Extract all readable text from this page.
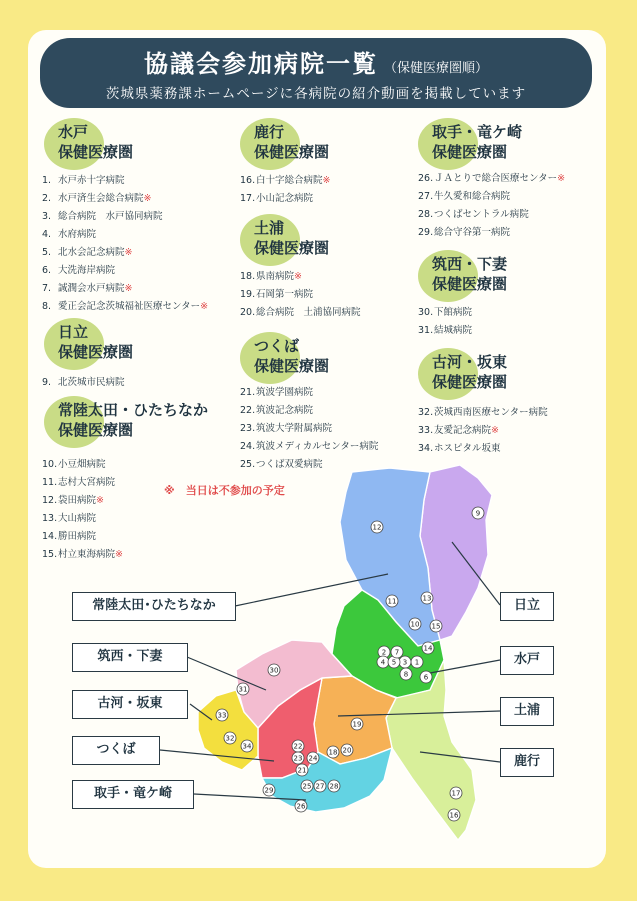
協議会参加病院一覧 （保健医療圏順）
茨城県薬務課ホームページに各病院の紹介動画を掲載しています
水戸
保健医療圏
日立
保健医療圏
常陸太田・ひたちなか
保健医療圏
鹿行
保健医療圏
土浦
保健医療圏
つくば
保健医療圏
取手・竜ケ崎
保健医療圏
筑西・下妻
保健医療圏
古河・坂東
保健医療圏
1. 水戸赤十字病院
2. 水戸済生会総合病院※
3. 総合病院　水戸協同病院
4. 水府病院
5. 北水会記念病院※
6. 大洗海岸病院
7. 誠潤会水戸病院※
8. 愛正会記念茨城福祉医療センター※
9. 北茨城市民病院
10.小豆畑病院
11.志村大宮病院
12.袋田病院※
13.大山病院
14.勝田病院
15.村立東海病院※
16.白十字総合病院※
17.小山記念病院
18.県南病院※
19.石岡第一病院
20.総合病院　土浦協同病院
21.筑波学園病院
22.筑波記念病院
23.筑波大学附属病院
24.筑波メディカルセンター病院
25.つくば双愛病院
26.ＪＡとりで総合医療センター※
27.牛久愛和総合病院
28.つくばセントラル病院
29.総合守谷第一病院
30.下館病院
31.結城病院
32.茨城西南医療センター病院
33.友愛記念病院※
34.ホスピタル坂東
※　当日は不参加の予定
1
2
3
4 5
6
7
8
9
10
11
12
13
14
15
16
17
18
19
20
21
22
23 24
25
26
27 28
29
30
31
32
33
34
常陸太田･ひたちなか
筑西・下妻
古河・坂東
つくば
取手・竜ケ崎
日立
水戸
土浦
鹿行
